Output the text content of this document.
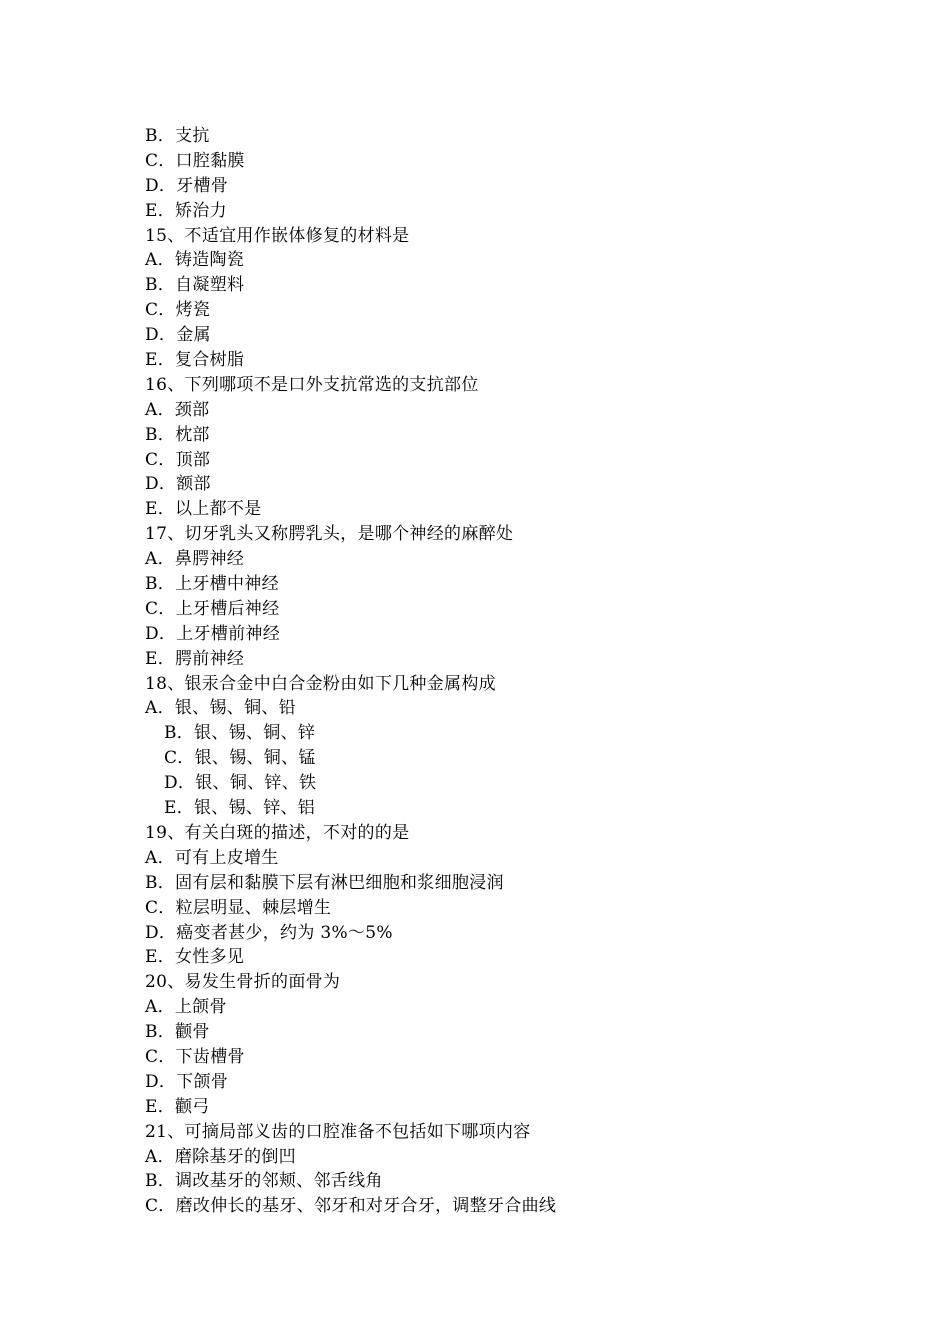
B．支抗
C．口腔黏膜
D．牙槽骨
E．矫治力
15、不适宜用作嵌体修复的材料是
A．铸造陶瓷
B．自凝塑料
C．烤瓷
D．金属
E．复合树脂
16、下列哪项不是口外支抗常选的支抗部位
A．颈部
B．枕部
C．顶部
D．额部
E．以上都不是
17、切牙乳头又称腭乳头，是哪个神经的麻醉处
A．鼻腭神经
B．上牙槽中神经
C．上牙槽后神经
D．上牙槽前神经
E．腭前神经
18、银汞合金中白合金粉由如下几种金属构成
A．银、锡、铜、铅
B．银、锡、铜、锌
C．银、锡、铜、锰
D．银、铜、锌、铁
E．银、锡、锌、铝
19、有关白斑的描述，不对的的是
A．可有上皮增生
B．固有层和黏膜下层有淋巴细胞和浆细胞浸润
C．粒层明显、棘层增生
D．癌变者甚少，约为 3%～5%
E．女性多见
20、易发生骨折的面骨为
A．上颌骨
B．颧骨
C．下齿槽骨
D．下颌骨
E．颧弓
21、可摘局部义齿的口腔准备不包括如下哪项内容
A．磨除基牙的倒凹
B．调改基牙的邻颊、邻舌线角
C．磨改伸长的基牙、邻牙和对牙合牙，调整牙合曲线
